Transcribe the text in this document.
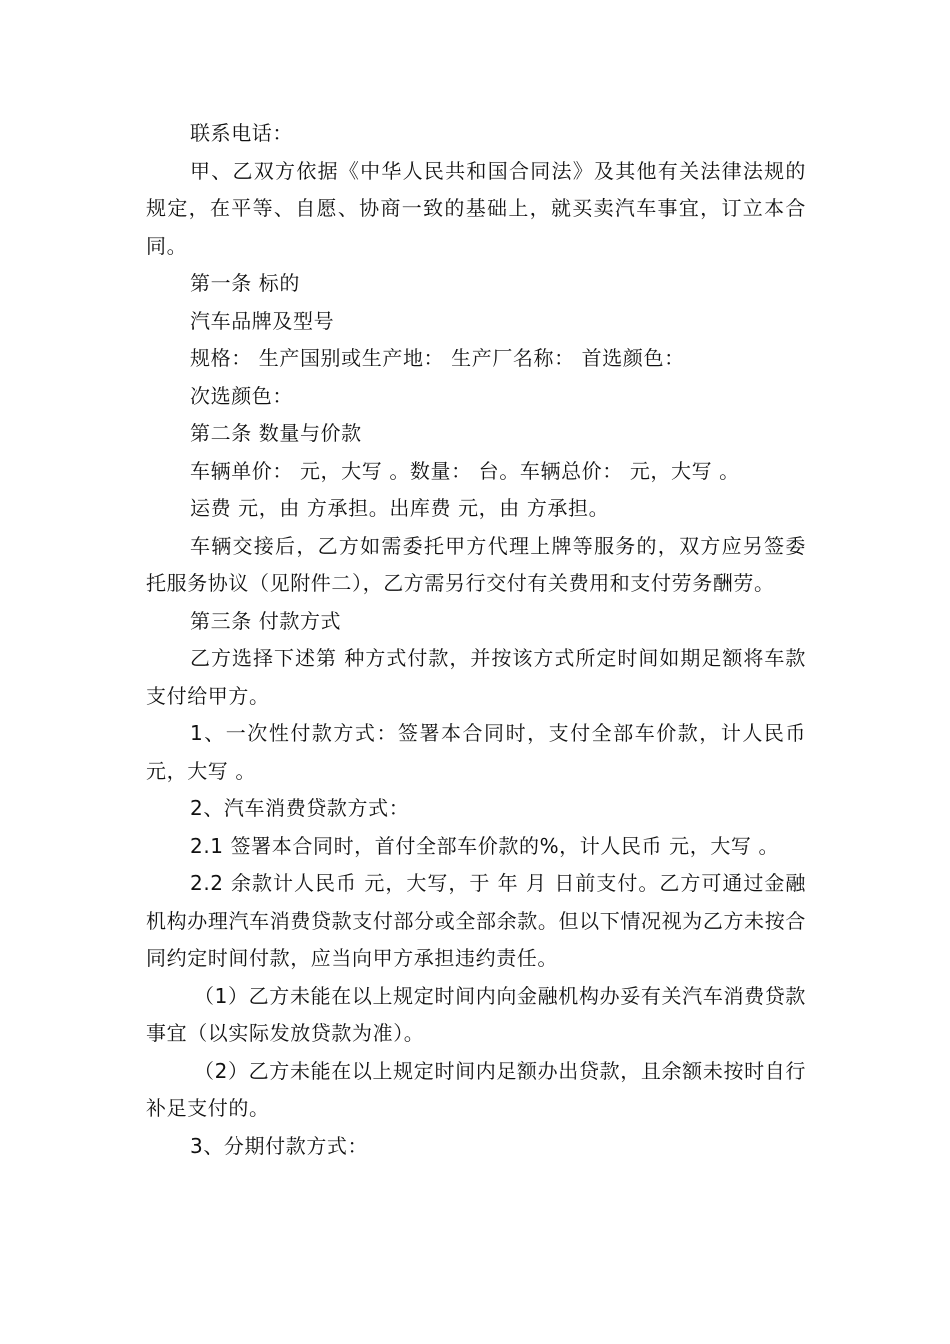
联系电话：

甲、乙双方依据《中华人民共和国合同法》及其他有关法律法规的规定，在平等、自愿、协商一致的基础上，就买卖汽车事宜，订立本合同。

第一条 标的

汽车品牌及型号

规格： 生产国别或生产地： 生产厂名称： 首选颜色：

次选颜色：

第二条 数量与价款

车辆单价： 元，大写 。数量： 台。车辆总价： 元，大写 。

运费 元，由 方承担。出库费 元，由 方承担。

车辆交接后，乙方如需委托甲方代理上牌等服务的，双方应另签委托服务协议（见附件二），乙方需另行交付有关费用和支付劳务酬劳。

第三条 付款方式

乙方选择下述第 种方式付款，并按该方式所定时间如期足额将车款支付给甲方。

1、一次性付款方式：签署本合同时，支付全部车价款，计人民币 元，大写 。

2、汽车消费贷款方式：

2.1 签署本合同时，首付全部车价款的%，计人民币 元，大写 。

2.2 余款计人民币 元，大写，于 年 月 日前支付。乙方可通过金融机构办理汽车消费贷款支付部分或全部余款。但以下情况视为乙方未按合同约定时间付款，应当向甲方承担违约责任。

（1）乙方未能在以上规定时间内向金融机构办妥有关汽车消费贷款事宜（以实际发放贷款为准）。

（2）乙方未能在以上规定时间内足额办出贷款，且余额未按时自行补足支付的。

3、分期付款方式：
